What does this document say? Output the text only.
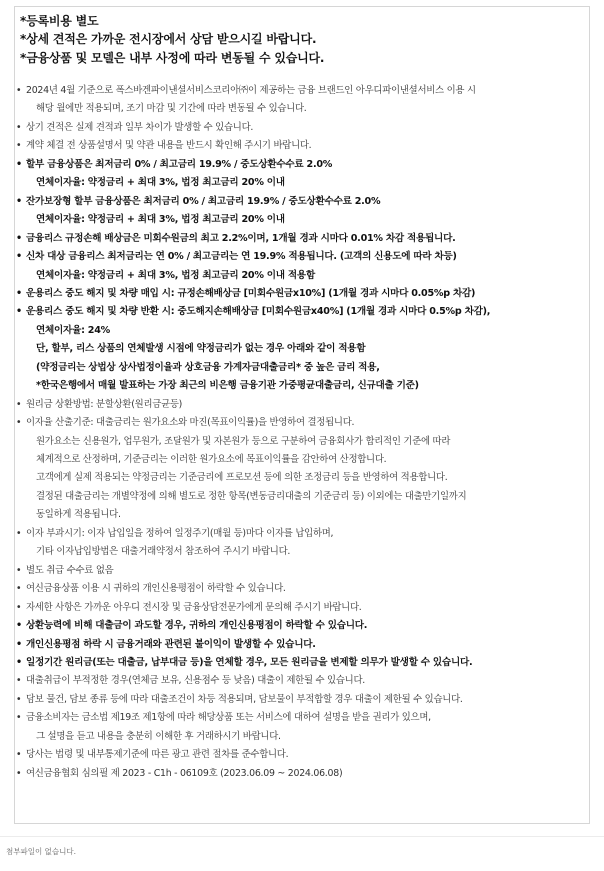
*등록비용 별도
*상세 견적은 가까운 전시장에서 상담 받으시길 바랍니다.
*금융상품 및 모델은 내부 사정에 따라 변동될 수 있습니다.
• 2024년 4월 기준으로 폭스바겐파이낸셜서비스코리아㈜이 제공하는 금융 브랜드인 아우디파이낸셜서비스 이용 시
해당 월에만 적용되며, 조기 마감 및 기간에 따라 변동될 수 있습니다.
• 상기 견적은 실제 견적과 일부 차이가 발생할 수 있습니다.
• 계약 체결 전 상품설명서 및 약관 내용을 반드시 확인해 주시기 바랍니다.
• 할부 금융상품은 최저금리 0% / 최고금리 19.9% / 중도상환수수료 2.0%
연체이자율: 약정금리 + 최대 3%, 법정 최고금리 20% 이내
• 잔가보장형 할부 금융상품은 최저금리 0% / 최고금리 19.9% / 중도상환수수료 2.0%
연체이자율: 약정금리 + 최대 3%, 법정 최고금리 20% 이내
• 금융리스 규정손해 배상금은 미회수원금의 최고 2.2%이며, 1개월 경과 시마다 0.01% 차감 적용됩니다.
• 신차 대상 금융리스 최저금리는 연 0% / 최고금리는 연 19.9% 적용됩니다. (고객의 신용도에 따라 차등)
연체이자율: 약정금리 + 최대 3%, 법정 최고금리 20% 이내 적용함
• 운용리스 중도 해지 및 차량 매입 시: 규정손해배상금 [미회수원금x10%] (1개월 경과 시마다 0.05%p 차감)
• 운용리스 중도 해지 및 차량 반환 시: 중도해지손해배상금 [미회수원금x40%] (1개월 경과 시마다 0.5%p 차감),
연체이자율: 24%
단, 할부, 리스 상품의 연체발생 시점에 약정금리가 없는 경우 아래와 같이 적용함
(약정금리는 상법상 상사법정이율과 상호금융 가계자금대출금리* 중 높은 금리 적용,
*한국은행에서 매월 발표하는 가장 최근의 비은행 금융기관 가중평균대출금리, 신규대출 기준)
• 원리금 상환방법: 분할상환(원리금균등)
• 이자율 산출기준: 대출금리는 원가요소와 마진(목표이익률)을 반영하여 결정됩니다.
원가요소는 신용원가, 업무원가, 조달원가 및 자본원가 등으로 구분하여 금융회사가 합리적인 기준에 따라
체계적으로 산정하며, 기준금리는 이러한 원가요소에 목표이익률을 감안하여 산정합니다.
고객에게 실제 적용되는 약정금리는 기준금리에 프로모션 등에 의한 조정금리 등을 반영하여 적용합니다.
결정된 대출금리는 개별약정에 의해 별도로 정한 항목(변동금리대출의 기준금리 등) 이외에는 대출만기일까지
동일하게 적용됩니다.
• 이자 부과시기: 이자 납입일을 정하여 일정주기(매월 등)마다 이자를 납입하며,
기타 이자납입방법은 대출거래약정서 참조하여 주시기 바랍니다.
• 별도 취급 수수료 없음
• 여신금융상품 이용 시 귀하의 개인신용평점이 하락할 수 있습니다.
• 자세한 사항은 가까운 아우디 전시장 및 금융상담전문가에게 문의해 주시기 바랍니다.
• 상환능력에 비해 대출금이 과도할 경우, 귀하의 개인신용평점이 하락할 수 있습니다.
• 개인신용평점 하락 시 금융거래와 관련된 불이익이 발생할 수 있습니다.
• 일정기간 원리금(또는 대출금, 납부대금 등)을 연체할 경우, 모든 원리금을 변제할 의무가 발생할 수 있습니다.
• 대출취급이 부적정한 경우(연체금 보유, 신용점수 등 낮음) 대출이 제한될 수 있습니다.
• 담보 물건, 담보 종류 등에 따라 대출조건이 차등 적용되며, 담보물이 부적합할 경우 대출이 제한될 수 있습니다.
• 금융소비자는 금소법 제19조 제1항에 따라 해당상품 또는 서비스에 대하여 설명을 받을 권리가 있으며,
그 설명을 듣고 내용을 충분히 이해한 후 거래하시기 바랍니다.
• 당사는 법령 및 내부통제기준에 따른 광고 관련 절차를 준수합니다.
• 여신금융협회 심의필 제 2023 - C1h - 06109호 (2023.06.09 ~ 2024.06.08)
첨부파일이 없습니다.
